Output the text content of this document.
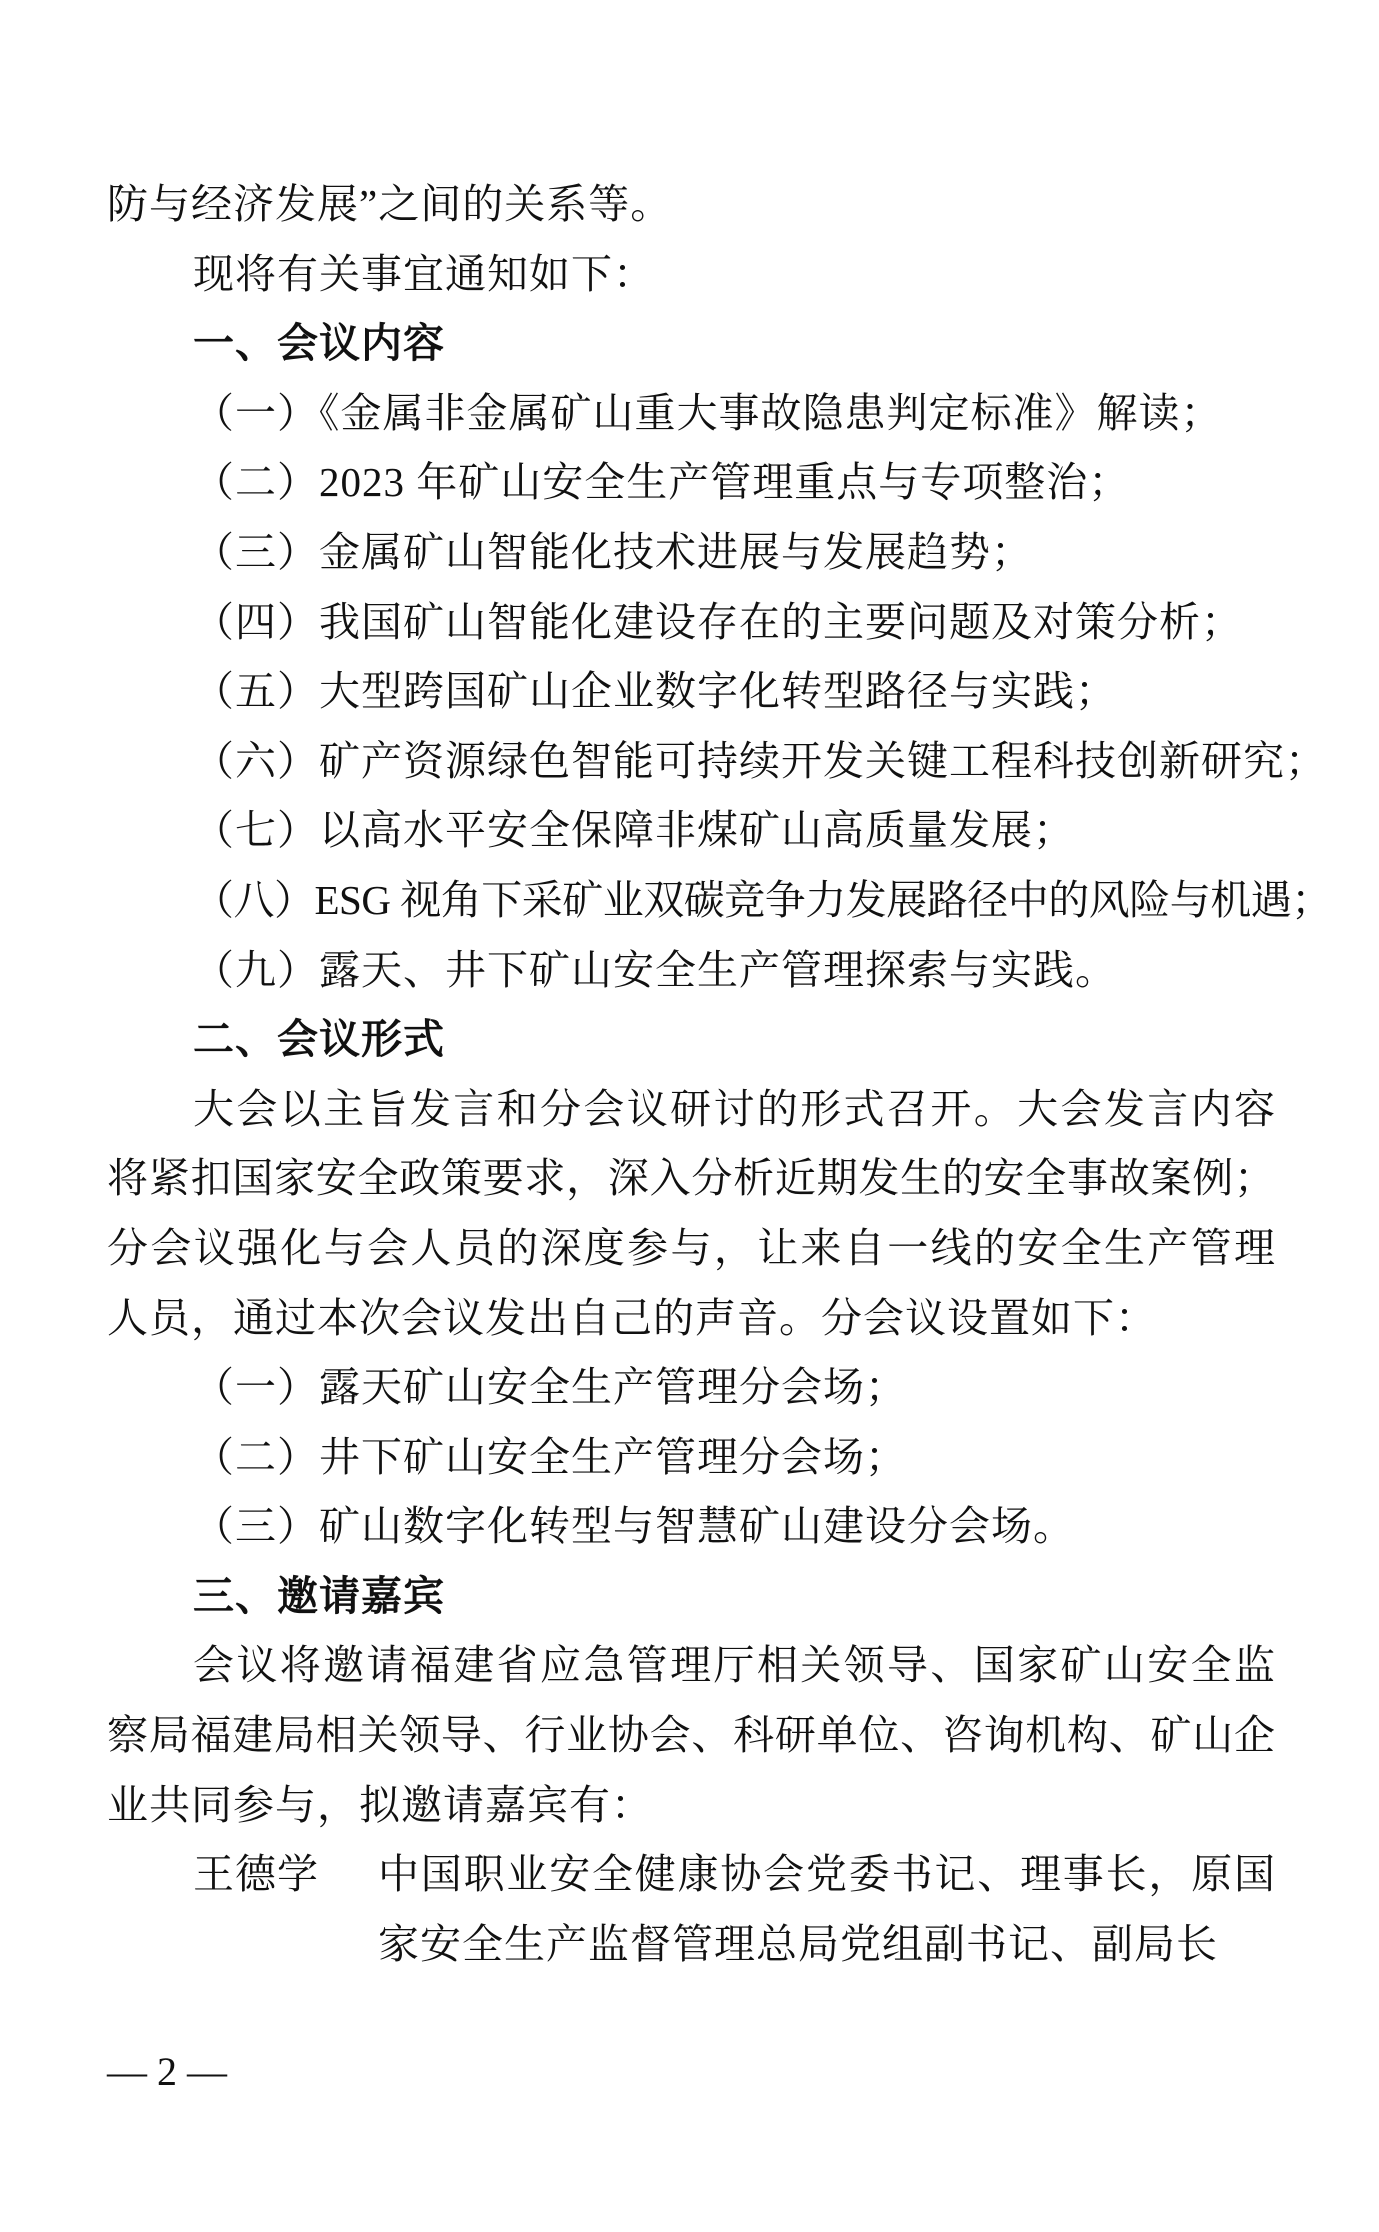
防与经济发展”之间的关系等。
现将有关事宜通知如下：
一、会议内容
（一）《金属非金属矿山重大事故隐患判定标准》解读；
（二）2023 年矿山安全生产管理重点与专项整治；
（三）金属矿山智能化技术进展与发展趋势；
（四）我国矿山智能化建设存在的主要问题及对策分析；
（五）大型跨国矿山企业数字化转型路径与实践；
（六）矿产资源绿色智能可持续开发关键工程科技创新研究；
（七）以高水平安全保障非煤矿山高质量发展；
（八）ESG 视角下采矿业双碳竞争力发展路径中的风险与机遇；
（九）露天、井下矿山安全生产管理探索与实践。
二、会议形式
大会以主旨发言和分会议研讨的形式召开。大会发言内容
将紧扣国家安全政策要求，深入分析近期发生的安全事故案例；
分会议强化与会人员的深度参与，让来自一线的安全生产管理
人员，通过本次会议发出自己的声音。分会议设置如下：
（一）露天矿山安全生产管理分会场；
（二）井下矿山安全生产管理分会场；
（三）矿山数字化转型与智慧矿山建设分会场。
三、邀请嘉宾
会议将邀请福建省应急管理厅相关领导、国家矿山安全监
察局福建局相关领导、行业协会、科研单位、咨询机构、矿山企
业共同参与，拟邀请嘉宾有：
王德学 中国职业安全健康协会党委书记、理事长，原国
家安全生产监督管理总局党组副书记、副局长
— 2 —
